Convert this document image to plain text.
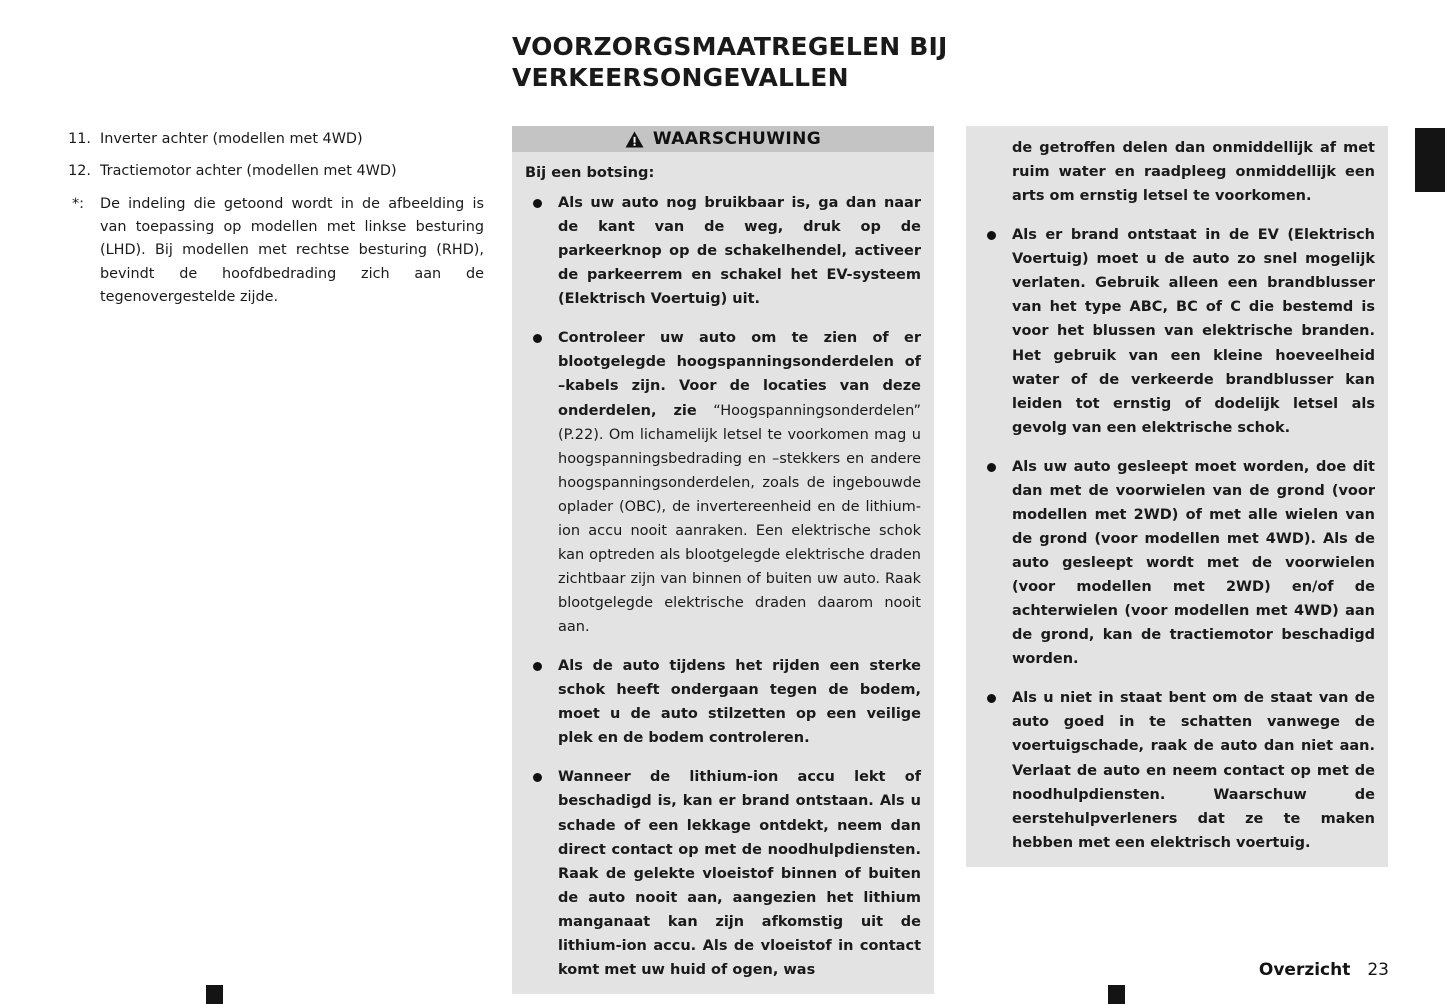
VOORZORGSMAATREGELEN BIJ VERKEERSONGEVALLEN
11. Inverter achter (modellen met 4WD)
12. Tractiemotor achter (modellen met 4WD)
*:	De indeling die getoond wordt in de afbeelding is van toepassing op modellen met linkse besturing (LHD). Bij modellen met rechtse besturing (RHD), bevindt de hoofdbedrading zich aan de tegenovergestelde zijde.
WAARSCHUWING
Bij een botsing:
Als uw auto nog bruikbaar is, ga dan naar de kant van de weg, druk op de parkeerknop op de schakelhendel, activeer de parkeerrem en schakel het EV-systeem (Elektrisch Voertuig) uit.
Controleer uw auto om te zien of er blootgelegde hoogspanningsonderdelen of –kabels zijn. Voor de locaties van deze onderdelen, zie “Hoogspanningsonderdelen” (P.22). Om lichamelijk letsel te voorkomen mag u hoogspanningsbedrading en –stekkers en andere hoogspanningsonderdelen, zoals de ingebouwde oplader (OBC), de invertereenheid en de lithium-ion accu nooit aanraken. Een elektrische schok kan optreden als blootgelegde elektrische draden zichtbaar zijn van binnen of buiten uw auto. Raak blootgelegde elektrische draden daarom nooit aan.
Als de auto tijdens het rijden een sterke schok heeft ondergaan tegen de bodem, moet u de auto stilzetten op een veilige plek en de bodem controleren.
Wanneer de lithium-ion accu lekt of beschadigd is, kan er brand ontstaan. Als u schade of een lekkage ontdekt, neem dan direct contact op met de noodhulpdiensten. Raak de gelekte vloeistof binnen of buiten de auto nooit aan, aangezien het lithium manganaat kan zijn afkomstig uit de lithium-ion accu. Als de vloeistof in contact komt met uw huid of ogen, was
de getroffen delen dan onmiddellijk af met ruim water en raadpleeg onmiddellijk een arts om ernstig letsel te voorkomen.
Als er brand ontstaat in de EV (Elektrisch Voertuig) moet u de auto zo snel mogelijk verlaten. Gebruik alleen een brandblusser van het type ABC, BC of C die bestemd is voor het blussen van elektrische branden. Het gebruik van een kleine hoeveelheid water of de verkeerde brandblusser kan leiden tot ernstig of dodelijk letsel als gevolg van een elektrische schok.
Als uw auto gesleept moet worden, doe dit dan met de voorwielen van de grond (voor modellen met 2WD) of met alle wielen van de grond (voor modellen met 4WD). Als de auto gesleept wordt met de voorwielen (voor modellen met 2WD) en/of de achterwielen (voor modellen met 4WD) aan de grond, kan de tractiemotor beschadigd worden.
Als u niet in staat bent om de staat van de auto goed in te schatten vanwege de voertuigschade, raak de auto dan niet aan. Verlaat de auto en neem contact op met de noodhulpdiensten. Waarschuw de eerstehulpverleners dat ze te maken hebben met een elektrisch voertuig.
Overzicht 23
